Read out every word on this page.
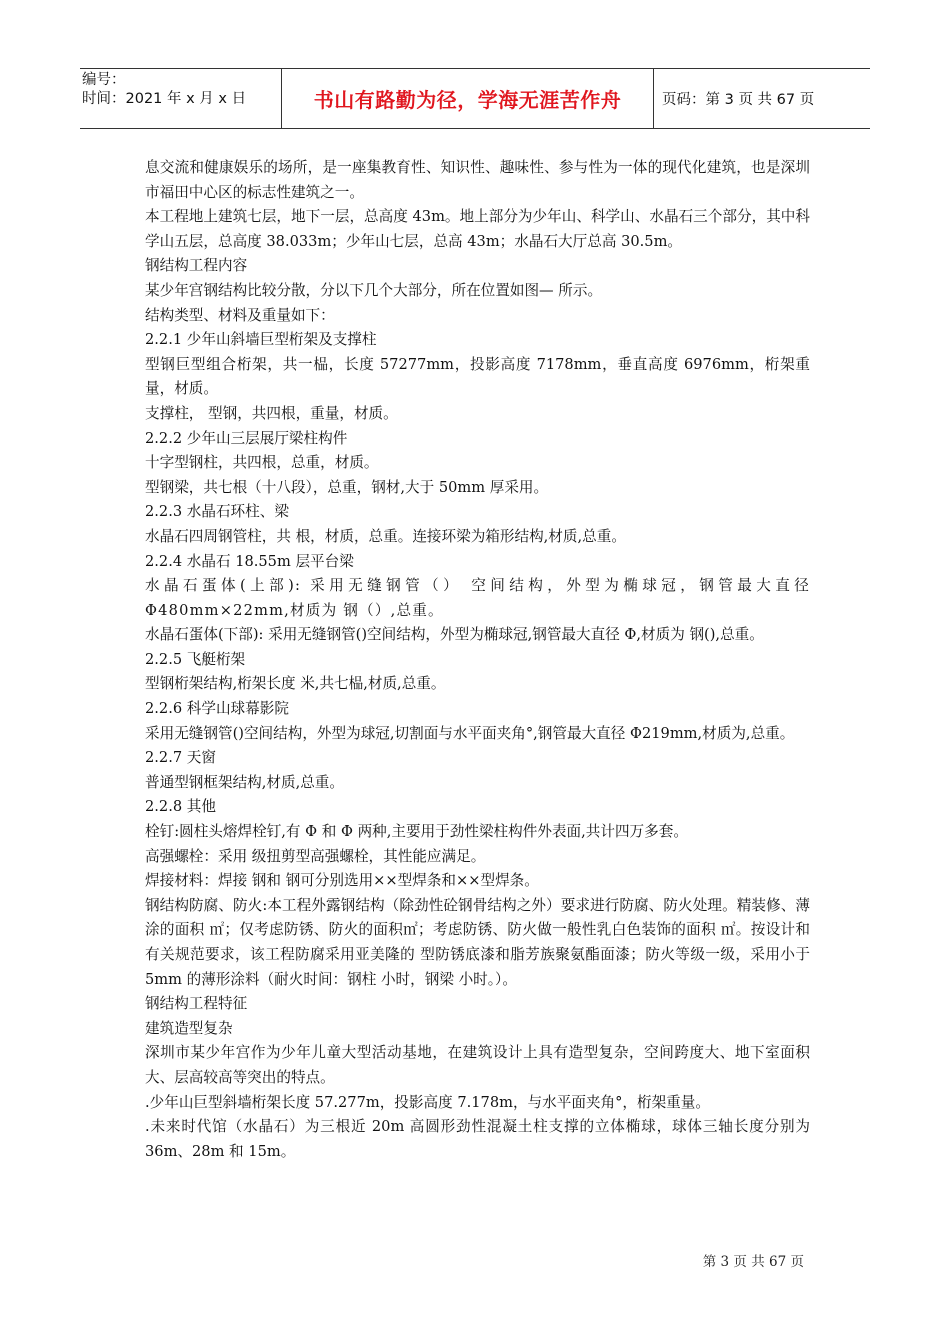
编号：
时间：2021 年 x 月 x 日	书山有路勤为径，学海无涯苦作舟	页码：第 3 页 共 67 页

息交流和健康娱乐的场所，是一座集教育性、知识性、趣味性、参与性为一体的现代化建筑，也是深圳市福田中心区的标志性建筑之一。

本工程地上建筑七层，地下一层，总高度 43m。地上部分为少年山、科学山、水晶石三个部分，其中科学山五层，总高度 38.033m；少年山七层，总高 43m；水晶石大厅总高 30.5m。

钢结构工程内容

某少年宫钢结构比较分散，分以下几个大部分，所在位置如图— 所示。

结构类型、材料及重量如下：

2.2.1 少年山斜墙巨型桁架及支撑柱

型钢巨型组合桁架，共一榀，长度 57277mm，投影高度 7178mm，垂直高度 6976mm，桁架重量，材质。

支撑柱， 型钢，共四根，重量，材质。

2.2.2 少年山三层展厅梁柱构件

十字型钢柱，共四根，总重，材质。

型钢梁，共七根（十八段），总重，钢材,大于 50mm 厚采用。

2.2.3 水晶石环柱、梁

水晶石四周钢管柱，共 根，材质，总重。连接环梁为箱形结构,材质,总重。

2.2.4 水晶石 18.55m 层平台梁

水晶石蛋体(上部): 采用无缝钢管（） 空间结构，外型为椭球冠，钢管最大直径Φ480mm×22mm,材质为 钢（）,总重。

水晶石蛋体(下部): 采用无缝钢管()空间结构，外型为椭球冠,钢管最大直径 Φ,材质为 钢(),总重。

2.2.5 飞艇桁架

型钢桁架结构,桁架长度 米,共七榀,材质,总重。

2.2.6 科学山球幕影院

采用无缝钢管()空间结构，外型为球冠,切割面与水平面夹角°,钢管最大直径 Φ219mm,材质为,总重。

2.2.7 天窗

普通型钢框架结构,材质,总重。

2.2.8 其他

栓钉:圆柱头熔焊栓钉,有 Φ 和 Φ 两种,主要用于劲性梁柱构件外表面,共计四万多套。

高强螺栓：采用 级扭剪型高强螺栓，其性能应满足。

焊接材料：焊接 钢和 钢可分别选用××型焊条和××型焊条。

钢结构防腐、防火:本工程外露钢结构（除劲性砼钢骨结构之外）要求进行防腐、防火处理。精装修、薄涂的面积 ㎡；仅考虑防锈、防火的面积㎡；考虑防锈、防火做一般性乳白色装饰的面积 ㎡。按设计和有关规范要求，该工程防腐采用亚美隆的 型防锈底漆和脂芳族聚氨酯面漆；防火等级一级，采用小于 5mm 的薄形涂料（耐火时间：钢柱 小时，钢梁 小时。）。

钢结构工程特征

建筑造型复杂

深圳市某少年宫作为少年儿童大型活动基地，在建筑设计上具有造型复杂，空间跨度大、地下室面积大、层高较高等突出的特点。

.少年山巨型斜墙桁架长度 57.277m，投影高度 7.178m，与水平面夹角°，桁架重量。

.未来时代馆（水晶石）为三根近 20m 高圆形劲性混凝土柱支撑的立体椭球，球体三轴长度分别为 36m、28m 和 15m。

第 3 页 共 67 页
